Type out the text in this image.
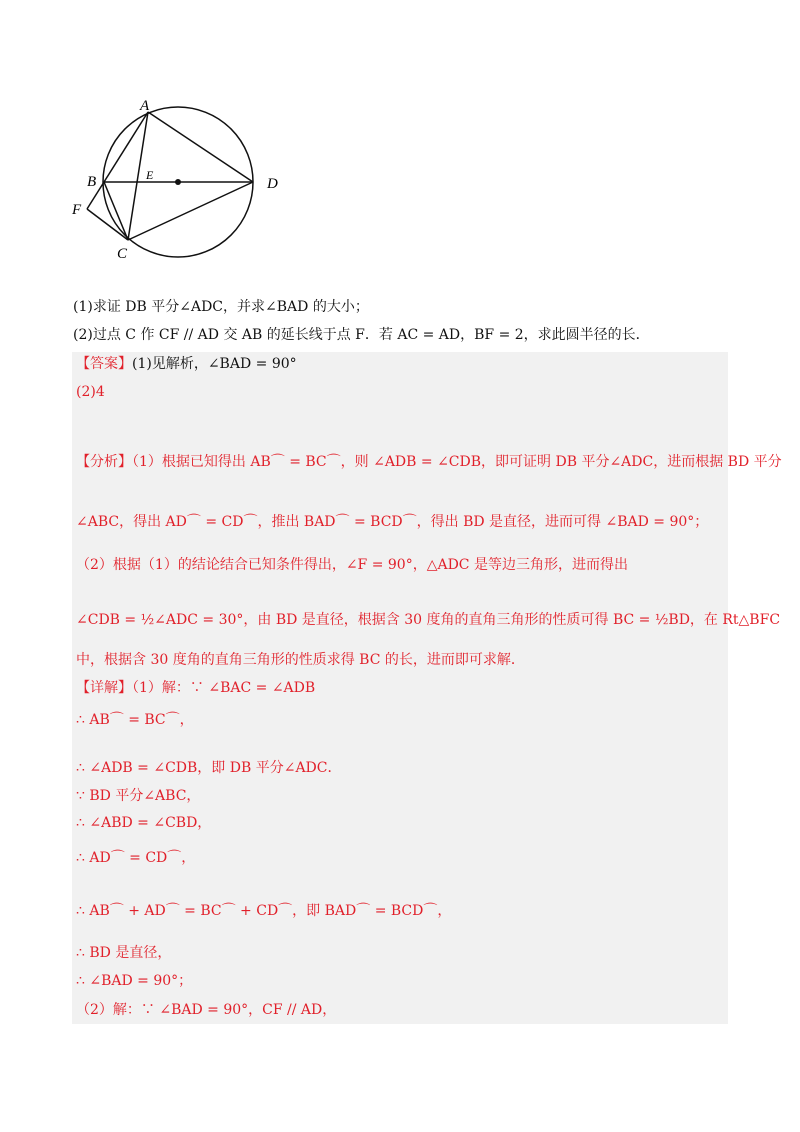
A
B
C
D
E
F
(1)求证 DB 平分∠ADC，并求∠BAD 的大小；
(2)过点 C 作 CF // AD 交 AB 的延长线于点 F．若 AC = AD，BF = 2，求此圆半径的长．
【答案】(1)见解析，∠BAD = 90°
(2)4
【分析】（1）根据已知得出 AB⌒ = BC⌒，则 ∠ADB = ∠CDB，即可证明 DB 平分∠ADC，进而根据 BD 平分
∠ABC，得出 AD⌒ = CD⌒，推出 BAD⌒ = BCD⌒，得出 BD 是直径，进而可得 ∠BAD = 90°；
（2）根据（1）的结论结合已知条件得出，∠F = 90°，△ADC 是等边三角形，进而得出
∠CDB = ½∠ADC = 30°，由 BD 是直径，根据含 30 度角的直角三角形的性质可得 BC = ½BD，在 Rt△BFC
中，根据含 30 度角的直角三角形的性质求得 BC 的长，进而即可求解．
【详解】（1）解：∵ ∠BAC = ∠ADB
∴ AB⌒ = BC⌒，
∴ ∠ADB = ∠CDB，即 DB 平分∠ADC．
∵ BD 平分∠ABC，
∴ ∠ABD = ∠CBD，
∴ AD⌒ = CD⌒，
∴ AB⌒ + AD⌒ = BC⌒ + CD⌒，即 BAD⌒ = BCD⌒，
∴ BD 是直径，
∴ ∠BAD = 90°；
（2）解：∵ ∠BAD = 90°，CF // AD，
